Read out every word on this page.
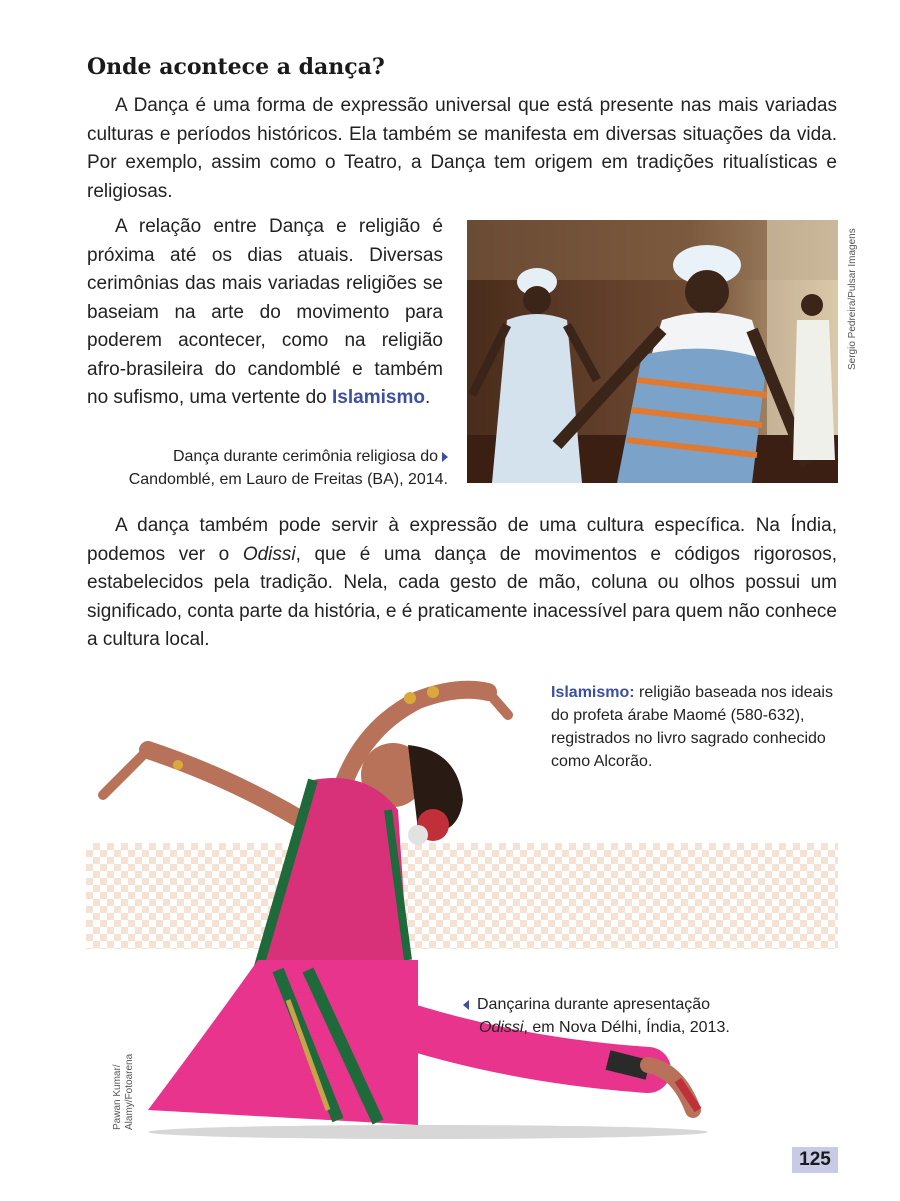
Onde acontece a dança?

A Dança é uma forma de expressão universal que está presente nas mais variadas culturas e períodos históricos. Ela também se manifesta em diversas situações da vida. Por exemplo, assim como o Teatro, a Dança tem origem em tradições ritualísticas e religiosas.

A relação entre Dança e religião é próxima até os dias atuais. Diversas cerimônias das mais variadas religiões se baseiam na arte do movimento para poderem acontecer, como na religião afro-brasileira do candomblé e também no sufismo, uma vertente do Islamismo.

Sergio Pedreira/Pulsar Imagens
Dança durante cerimônia religiosa do
Candomblé, em Lauro de Freitas (BA), 2014.

A dança também pode servir à expressão de uma cultura específica. Na Índia, podemos ver o Odissi, que é uma dança de movimentos e códigos rigorosos, estabelecidos pela tradição. Nela, cada gesto de mão, coluna ou olhos possui um significado, conta parte da história, e é praticamente inacessível para quem não conhece a cultura local.

Islamismo: religião baseada nos ideais do profeta árabe Maomé (580-632), registrados no livro sagrado conhecido como Alcorão.
Dançarina durante apresentação
Odissi, em Nova Délhi, Índia, 2013.
Pawan Kumar/
Alamy/Fotoarena
125
